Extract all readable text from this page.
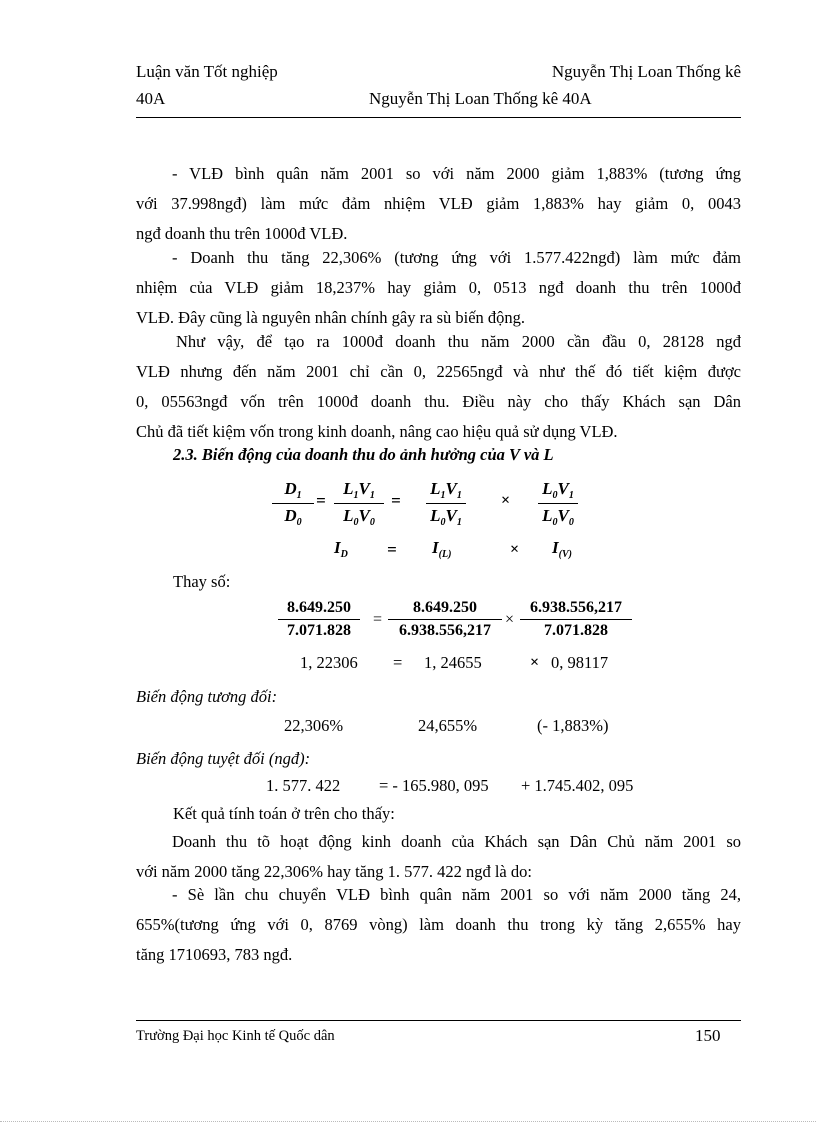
Luận văn Tốt nghiệp	Nguyễn Thị Loan Thống kê
40A	Nguyễn Thị Loan Thống kê 40A
- VLĐ bình quân năm 2001 so với năm 2000 giảm 1,883% (tương ứng
với 37.998ngđ) làm mức đảm nhiệm VLĐ giảm 1,883% hay giảm 0, 0043
ngđ doanh thu trên 1000đ VLĐ.
- Doanh thu tăng 22,306% (tương ứng với 1.577.422ngđ) làm mức đảm
nhiệm của VLĐ giảm 18,237% hay giảm 0, 0513 ngđ doanh thu trên 1000đ
VLĐ. Đây cũng là nguyên nhân chính gây ra sù biến động.
Như vậy, để tạo ra 1000đ doanh thu năm 2000 cần đầu 0, 28128 ngđ
VLĐ nhưng đến năm 2001 chỉ cần 0, 22565ngđ và như thế đó tiết kiệm được
0, 05563ngđ vốn trên 1000đ doanh thu. Điều này cho thấy Khách sạn Dân
Chủ đã tiết kiệm vốn trong kinh doanh, nâng cao hiệu quả sử dụng VLĐ.
2.3. Biến động của doanh thu do ảnh hưởng của V và L
$\frac{D_1}{D_0} = \frac{L_1V_1}{L_0V_0} = \frac{L_1V_1}{L_0V_1} \times \frac{L_0V_1}{L_0V_0}$
$I_D = I_{(L)}$	× $I_{(V)}$
Thay số:
$\frac{8.649.250}{7.071.828} = \frac{8.649.250}{6.938.556,217} \times \frac{6.938.556,217}{7.071.828}$
1, 22306 = 1, 24655	× 0, 98117
Biến động tương đối:
22,306%	24,655%	(- 1,883%)
Biến động tuyệt đối (ngđ):
1. 577. 422 = - 165.980, 095 + 1.745.402, 095
Kết quả tính toán ở trên cho thấy:
Doanh thu tõ hoạt động kinh doanh của Khách sạn Dân Chủ năm 2001 so
với năm 2000 tăng 22,306% hay tăng 1. 577. 422 ngđ là do:
- Sè lần chu chuyển VLĐ bình quân năm 2001 so với năm 2000 tăng 24,
655%(tương ứng với 0, 8769 vòng) làm doanh thu trong kỳ tăng 2,655% hay
tăng 1710693, 783 ngđ.
Trường Đại học Kinh tế Quốc dân	150
